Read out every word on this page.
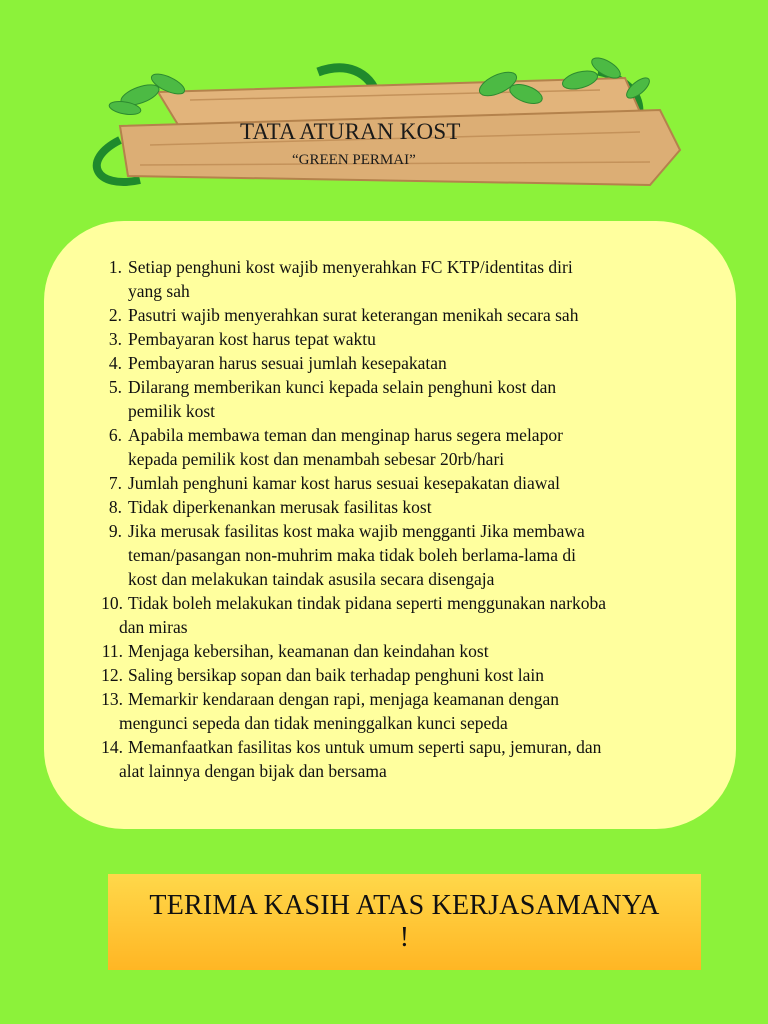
TATA ATURAN KOST
“GREEN PERMAI”
1. Setiap penghuni kost wajib menyerahkan FC KTP/identitas diri
yang sah
2. Pasutri wajib menyerahkan surat keterangan menikah secara sah
3. Pembayaran kost harus tepat waktu
4. Pembayaran harus sesuai jumlah kesepakatan
5. Dilarang memberikan kunci kepada selain penghuni kost dan
pemilik kost
6. Apabila membawa teman dan menginap harus segera melapor
kepada pemilik kost dan menambah sebesar 20rb/hari
7. Jumlah penghuni kamar kost harus sesuai kesepakatan diawal
8. Tidak diperkenankan merusak fasilitas kost
9. Jika merusak fasilitas kost maka wajib mengganti Jika membawa
teman/pasangan non-muhrim maka tidak boleh berlama-lama di
kost dan melakukan taindak asusila secara disengaja
10. Tidak boleh melakukan tindak pidana seperti menggunakan narkoba
dan miras
11. Menjaga kebersihan, keamanan dan keindahan kost
12. Saling bersikap sopan dan baik terhadap penghuni kost lain
13. Memarkir kendaraan dengan rapi, menjaga keamanan dengan
mengunci sepeda dan tidak meninggalkan kunci sepeda
14. Memanfaatkan fasilitas kos untuk umum seperti sapu, jemuran, dan
alat lainnya dengan bijak dan bersama
TERIMA KASIH ATAS KERJASAMANYA
!
